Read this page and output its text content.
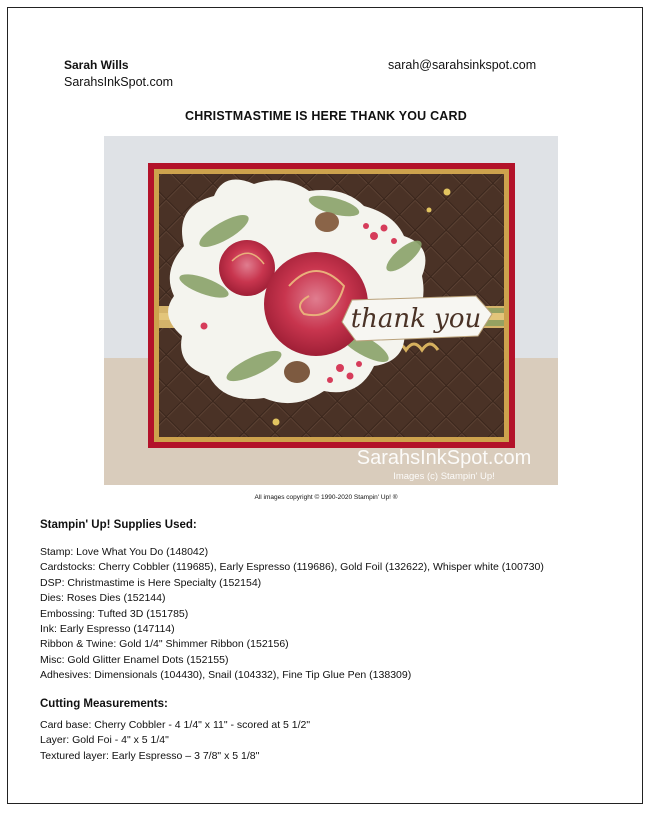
Sarah Wills
SarahsInkSpot.com
sarah@sarahsinkspot.com
CHRISTMASTIME IS HERE THANK YOU CARD
thank you
SarahsInkSpot.com
Images (c) Stampin' Up!
All images copyright © 1990-2020 Stampin' Up! ®
Stampin' Up! Supplies Used:
Stamp: Love What You Do (148042)
Cardstocks: Cherry Cobbler (119685), Early Espresso (119686), Gold Foil (132622), Whisper white (100730)
DSP: Christmastime is Here Specialty (152154)
Dies: Roses Dies (152144)
Embossing: Tufted 3D (151785)
Ink: Early Espresso (147114)
Ribbon & Twine: Gold 1/4" Shimmer Ribbon (152156)
Misc: Gold Glitter Enamel Dots (152155)
Adhesives: Dimensionals (104430), Snail (104332), Fine Tip Glue Pen (138309)
Cutting Measurements:
Card base: Cherry Cobbler - 4 1/4" x 11" - scored at 5 1/2"
Layer: Gold Foi - 4" x 5 1/4"
Textured layer: Early Espresso – 3 7/8" x 5 1/8"
